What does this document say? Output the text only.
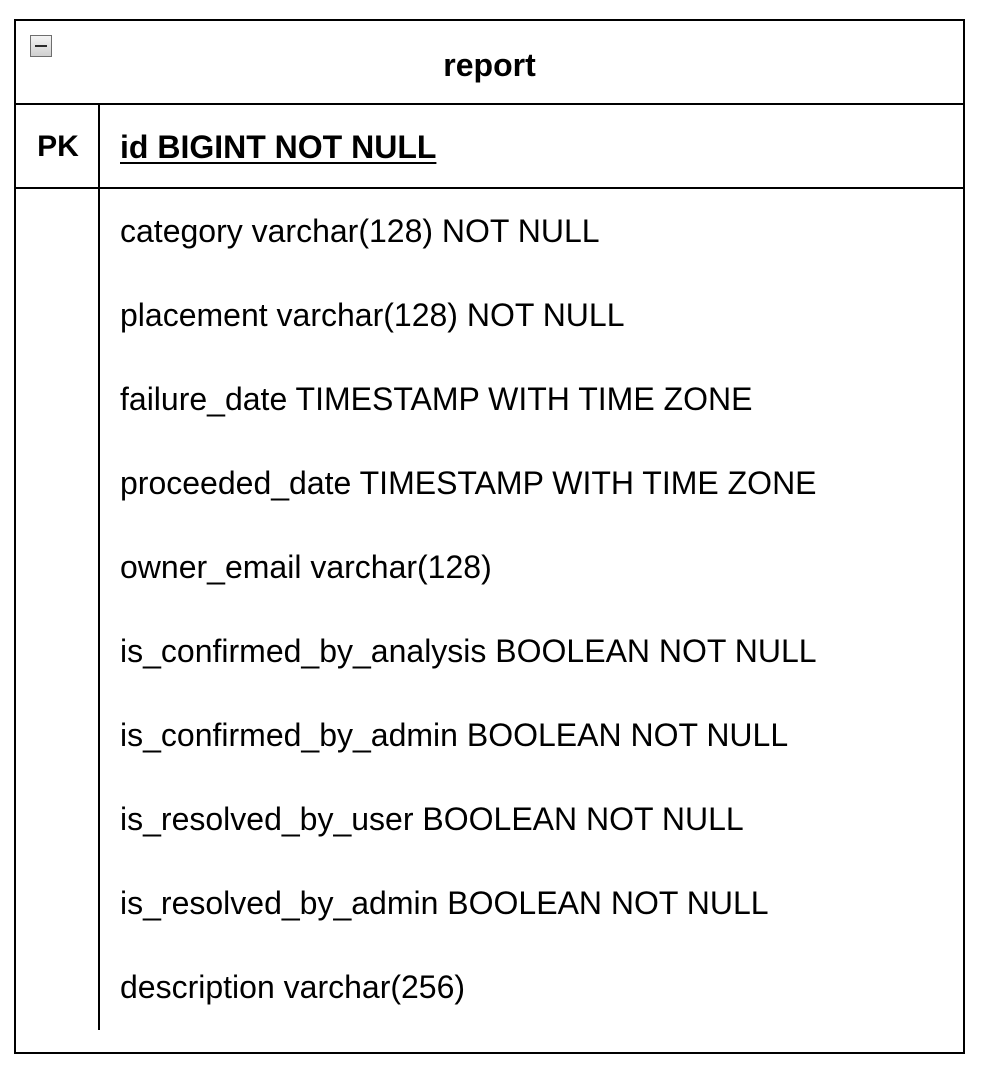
report
PK	id BIGINT NOT NULL
category varchar(128) NOT NULL
placement varchar(128) NOT NULL
failure_date TIMESTAMP WITH TIME ZONE
proceeded_date TIMESTAMP WITH TIME ZONE
owner_email varchar(128)
is_confirmed_by_analysis BOOLEAN NOT NULL
is_confirmed_by_admin BOOLEAN NOT NULL
is_resolved_by_user BOOLEAN NOT NULL
is_resolved_by_admin BOOLEAN NOT NULL
description varchar(256)
